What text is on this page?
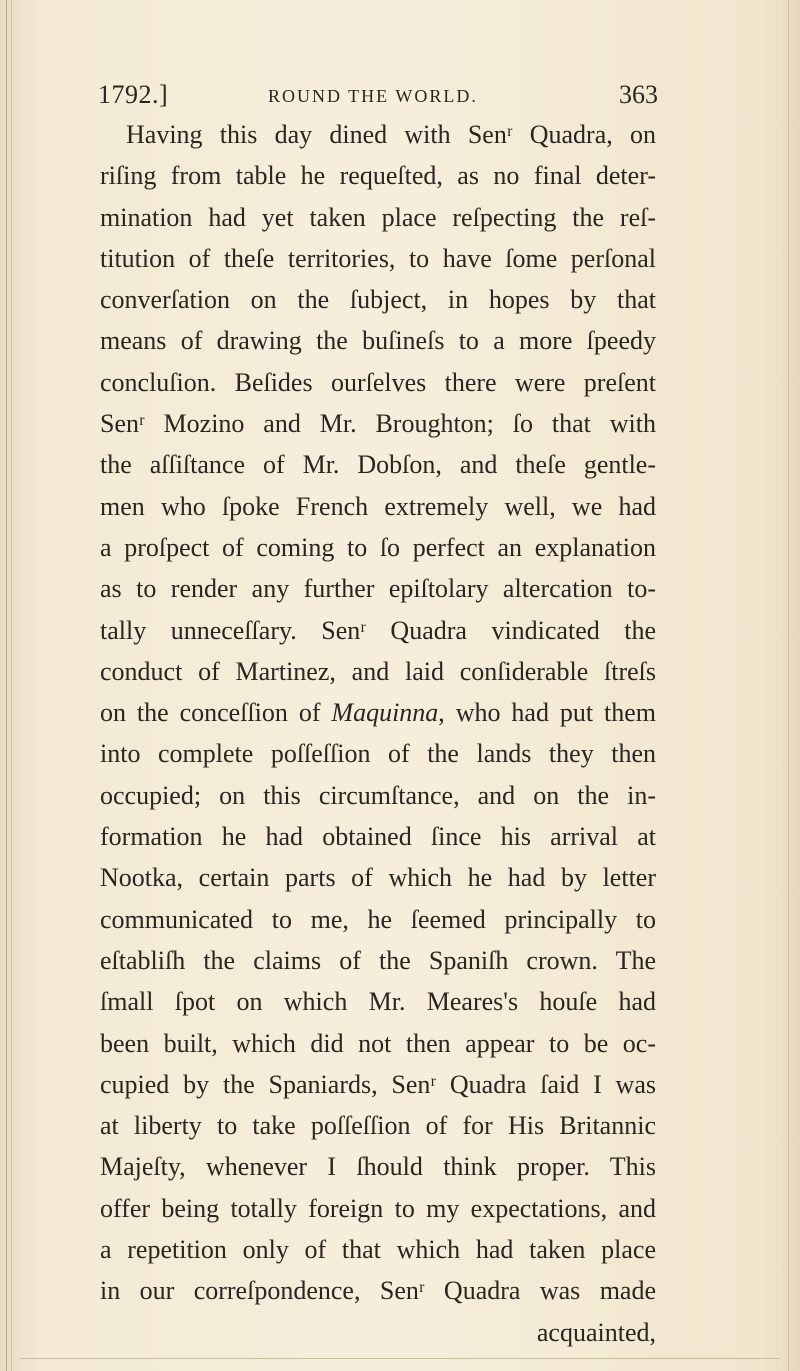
1792.]	ROUND THE WORLD.	363
Having this day dined with Senʳ Quadra, on
riſing from table he requeſted, as no final deter-
mination had yet taken place reſpecting the reſ-
titution of theſe territories, to have ſome perſonal
converſation on the ſubject, in hopes by that
means of drawing the buſineſs to a more ſpeedy
concluſion. Beſides ourſelves there were preſent
Senʳ Mozino and Mr. Broughton; ſo that with
the aſſiſtance of Mr. Dobſon, and theſe gentle-
men who ſpoke French extremely well, we had
a proſpect of coming to ſo perfect an explanation
as to render any further epiſtolary altercation to-
tally unneceſſary. Senʳ Quadra vindicated the
conduct of Martinez, and laid conſiderable ſtreſs
on the conceſſion of Maquinna, who had put them
into complete poſſeſſion of the lands they then
occupied; on this circumſtance, and on the in-
formation he had obtained ſince his arrival at
Nootka, certain parts of which he had by letter
communicated to me, he ſeemed principally to
eſtabliſh the claims of the Spaniſh crown. The
ſmall ſpot on which Mr. Meares's houſe had
been built, which did not then appear to be oc-
cupied by the Spaniards, Senʳ Quadra ſaid I was
at liberty to take poſſeſſion of for His Britannic
Majeſty, whenever I ſhould think proper. This
offer being totally foreign to my expectations, and
a repetition only of that which had taken place
in our correſpondence, Senʳ Quadra was made
acquainted,
